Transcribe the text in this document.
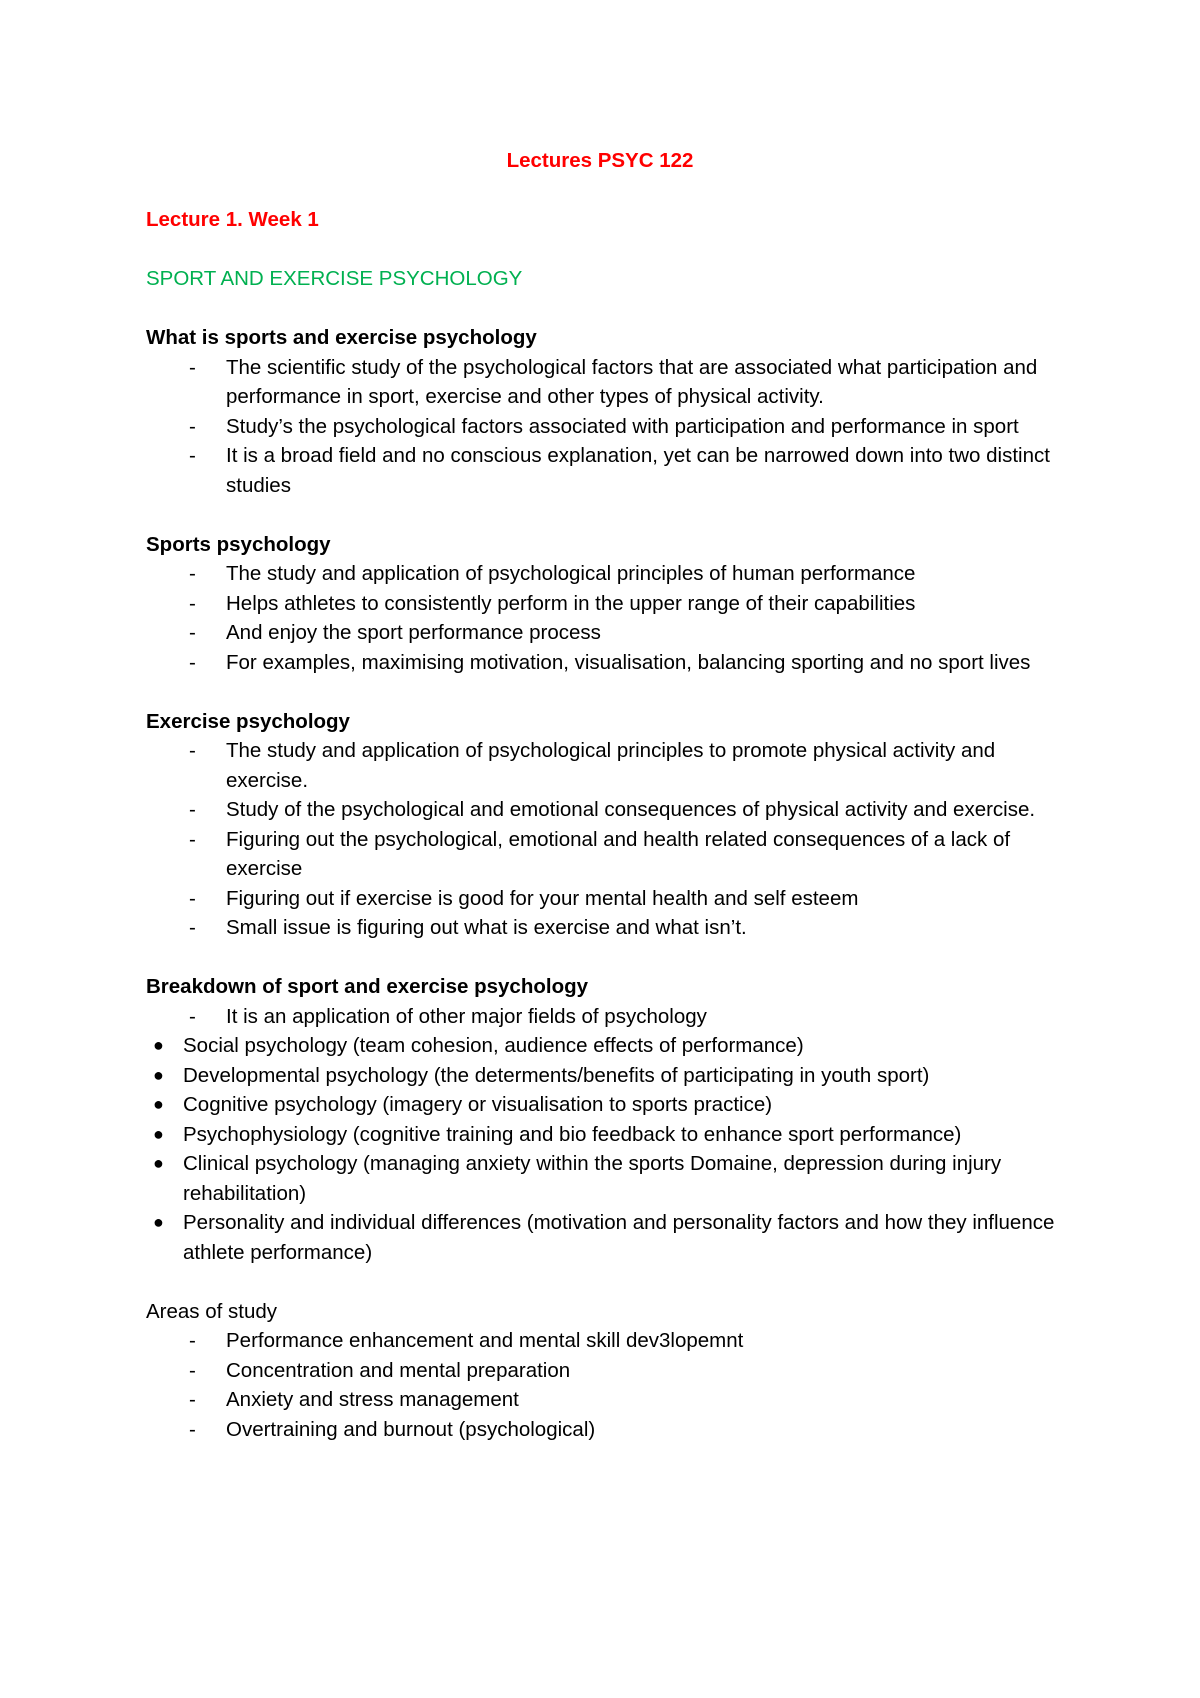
Lectures PSYC 122
Lecture 1. Week 1
SPORT AND EXERCISE PSYCHOLOGY
What is sports and exercise psychology
- The scientific study of the psychological factors that are associated what participation and performance in sport, exercise and other types of physical activity.
- Study’s the psychological factors associated with participation and performance in sport
- It is a broad field and no conscious explanation, yet can be narrowed down into two distinct studies
Sports psychology
- The study and application of psychological principles of human performance
- Helps athletes to consistently perform in the upper range of their capabilities
- And enjoy the sport performance process
- For examples, maximising motivation, visualisation, balancing sporting and no sport lives
Exercise psychology
- The study and application of psychological principles to promote physical activity and exercise.
- Study of the psychological and emotional consequences of physical activity and exercise.
- Figuring out the psychological, emotional and health related consequences of a lack of exercise
- Figuring out if exercise is good for your mental health and self esteem
- Small issue is figuring out what is exercise and what isn’t.
Breakdown of sport and exercise psychology
- It is an application of other major fields of psychology
● Social psychology (team cohesion, audience effects of performance)
● Developmental psychology (the determents/benefits of participating in youth sport)
● Cognitive psychology (imagery or visualisation to sports practice)
● Psychophysiology (cognitive training and bio feedback to enhance sport performance)
● Clinical psychology (managing anxiety within the sports Domaine, depression during injury rehabilitation)
● Personality and individual differences (motivation and personality factors and how they influence athlete performance)
Areas of study
- Performance enhancement and mental skill dev3lopemnt
- Concentration and mental preparation
- Anxiety and stress management
- Overtraining and burnout (psychological)
